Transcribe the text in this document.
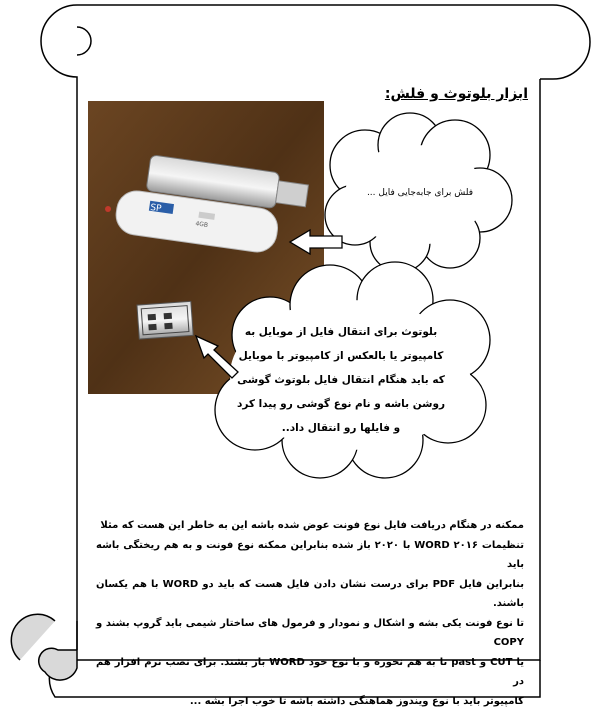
ابزار بلوتوث و فلش:
SP
4GB
فلش برای جابه‌جایی فایل ...
بلوتوث برای انتقال فایل از موبایل به
کامپیوتر یا بالعکس از کامپیوتر با موبایل
که باید هنگام انتقال فایل بلوتوث گوشی
روشن باشه و نام نوع گوشی رو پیدا کرد
و فایلها رو انتقال داد..

ممکنه در هنگام دریافت فایل نوع فونت عوض شده باشه این به خاطر این هست که مثلا

تنظیمات WORD ۲۰۱۶ با ۲۰۲۰ باز شده بنابراین ممکنه نوع فونت و به هم ریختگی باشه باید

بنابراین فایل PDF برای درست نشان دادن فایل هست که باید دو WORD با هم یکسان باشند.

تا نوع فونت یکی بشه و اشکال و نمودار و فرمول های ساختار شیمی باید گروپ بشند و COPY

یا CUT و past تا به هم نخوره و با نوع خود WORD باز بشند. برای نصب نرم افزار هم در

کامپیوتر باید با نوع ویندوز هماهنگی داشته باشه تا خوب اجرا بشه ...
